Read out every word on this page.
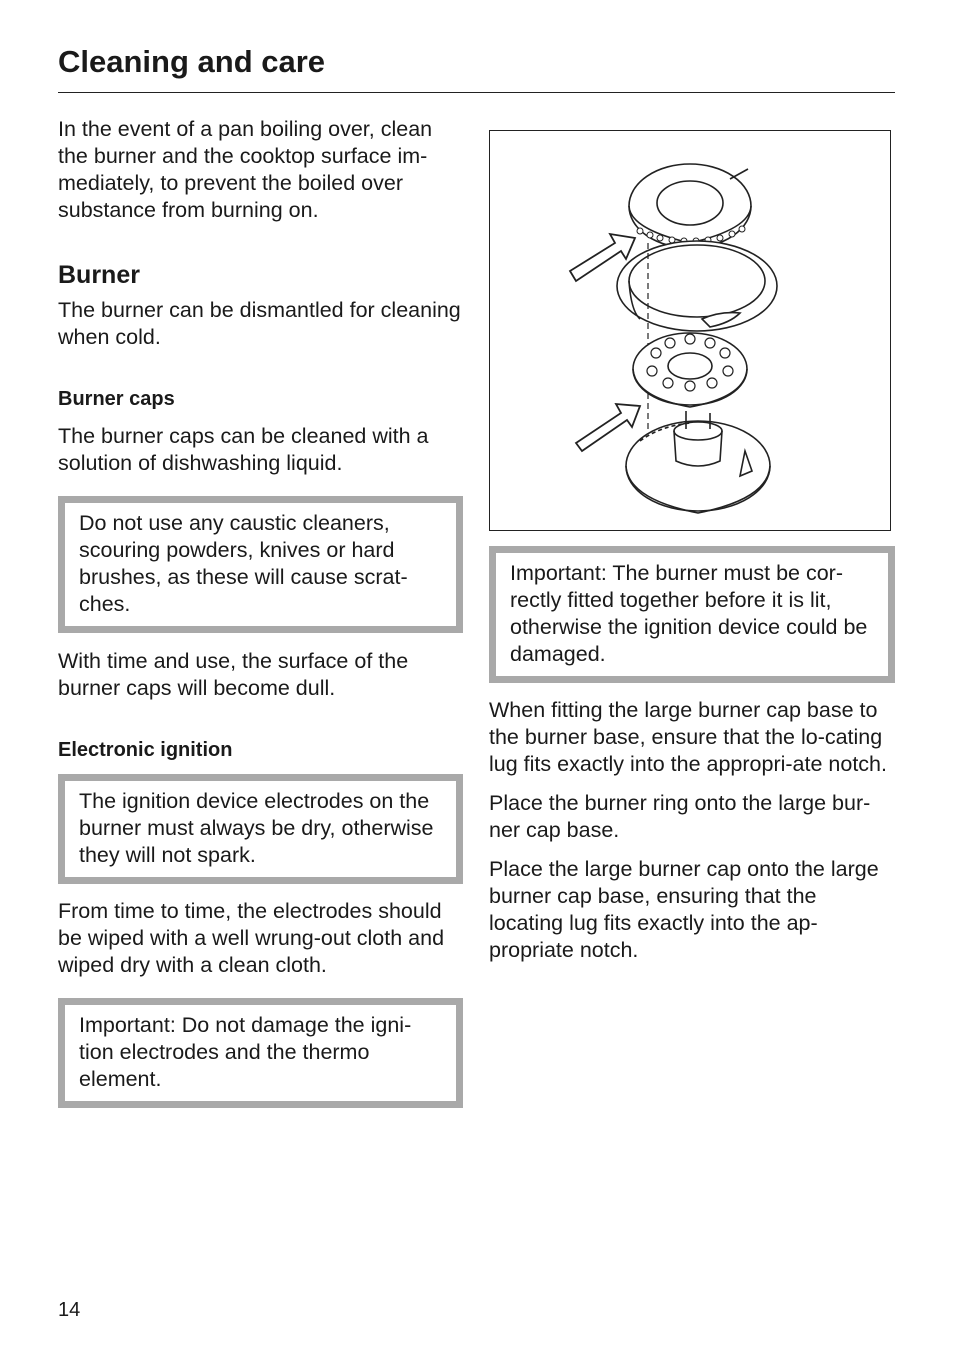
Cleaning and care

In the event of a pan boiling over, clean the burner and the cooktop surface im-mediately, to prevent the boiled over substance from burning on.

Burner

The burner can be dismantled for cleaning when cold.

Burner caps

The burner caps can be cleaned with a solution of dishwashing liquid.

Do not use any caustic cleaners, scouring powders, knives or hard brushes, as these will cause scrat-ches.

With time and use, the surface of the burner caps will become dull.

Electronic ignition

The ignition device electrodes on the burner must always be dry, otherwise they will not spark.

From time to time, the electrodes should be wiped with a well wrung-out cloth and wiped dry with a clean cloth.

Important: Do not damage the igni-tion electrodes and the thermo element.

Important: The burner must be cor-rectly fitted together before it is lit, otherwise the ignition device could be damaged.

When fitting the large burner cap base to the burner base, ensure that the lo-cating lug fits exactly into the appropri-ate notch.

Place the burner ring onto the large bur-ner cap base.

Place the large burner cap onto the large burner cap base, ensuring that the locating lug fits exactly into the ap-propriate notch.

14
